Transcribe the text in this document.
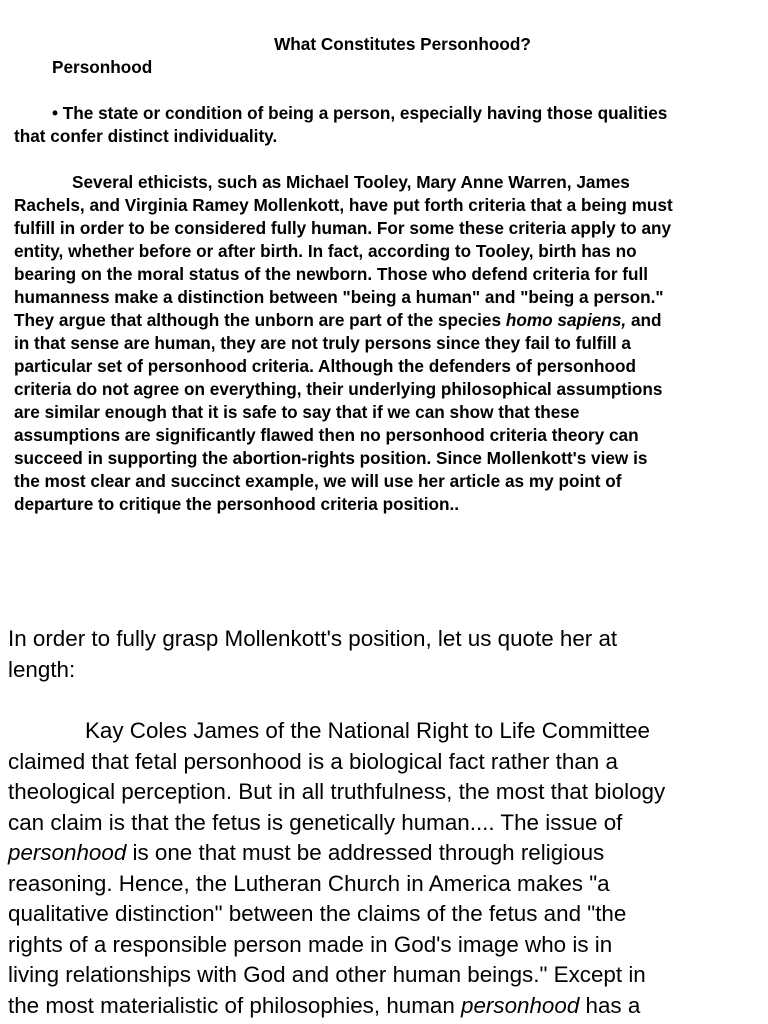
What Constitutes Personhood?
Personhood
• The state or condition of being a person, especially having those qualities
that confer distinct individuality.
Several ethicists, such as Michael Tooley, Mary Anne Warren, James
Rachels, and Virginia Ramey Mollenkott, have put forth criteria that a being must
fulfill in order to be considered fully human. For some these criteria apply to any
entity, whether before or after birth. In fact, according to Tooley, birth has no
bearing on the moral status of the newborn. Those who defend criteria for full
humanness make a distinction between "being a human" and "being a person."
They argue that although the unborn are part of the species homo sapiens, and
in that sense are human, they are not truly persons since they fail to fulfill a
particular set of personhood criteria. Although the defenders of personhood
criteria do not agree on everything, their underlying philosophical assumptions
are similar enough that it is safe to say that if we can show that these
assumptions are significantly flawed then no personhood criteria theory can
succeed in supporting the abortion-rights position. Since Mollenkott's view is
the most clear and succinct example, we will use her article as my point of
departure to critique the personhood criteria position..
In order to fully grasp Mollenkott's position, let us quote her at
length:
Kay Coles James of the National Right to Life Committee
claimed that fetal personhood is a biological fact rather than a
theological perception. But in all truthfulness, the most that biology
can claim is that the fetus is genetically human.... The issue of
personhood is one that must be addressed through religious
reasoning. Hence, the Lutheran Church in America makes "a
qualitative distinction" between the claims of the fetus and "the
rights of a responsible person made in God's image who is in
living relationships with God and other human beings." Except in
the most materialistic of philosophies, human personhood has a
